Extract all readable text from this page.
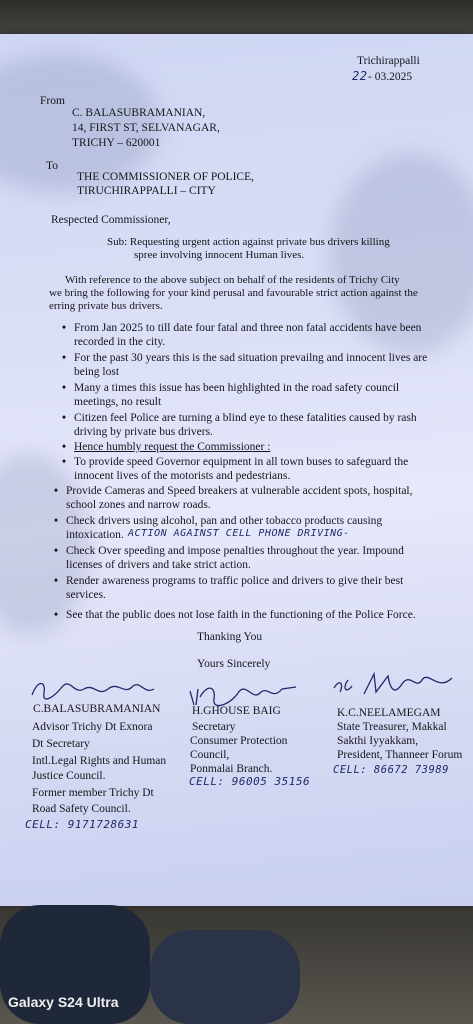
Trichirappalli
22 - 03.2025
From
C. BALASUBRAMANIAN,
14, FIRST ST, SELVANAGAR,
TRICHY – 620001
To
THE COMMISSIONER OF POLICE,
TIRUCHIRAPPALLI – CITY
Respected Commissioner,
Sub: Requesting urgent action against private bus drivers killing
spree involving innocent Human lives.
With reference to the above subject on behalf of the residents of Trichy City
we bring the following for your kind perusal and favourable strict action against the
erring private bus drivers.
• From Jan 2025 to till date four fatal and three non fatal accidents have been
recorded in the city.
• For the past 30 years this is the sad situation prevailng and innocent lives are
being lost
• Many a times this issue has been highlighted in the road safety council
meetings, no result
• Citizen feel Police are turning a blind eye to these fatalities caused by rash
driving by private bus drivers.
• Hence humbly request the Commissioner :
• To provide speed Governor equipment in all town buses to safeguard the
innocent lives of the motorists and pedestrians.
• Provide Cameras and Speed breakers at vulnerable accident spots, hospital,
school zones and narrow roads.
• Check drivers using alcohol, pan and other tobacco products causing
intoxication.
• Check Over speeding and impose penalties throughout the year. Impound
licenses of drivers and take strict action.
• Render awareness programs to traffic police and drivers to give their best
services.
• See that the public does not lose faith in the functioning of the Police Force.
ACTION AGAINST CELL PHONE DRIVING-
Thanking You
Yours Sincerely
C.BALASUBRAMANIAN
Advisor Trichy Dt Exnora
Dt Secretary
Intl.Legal Rights and Human
Justice Council.
Former member Trichy Dt
Road Safety Council.
CELL: 9171728631
H.GHOUSE BAIG
Secretary
Consumer Protection
Council,
Ponmalai Branch.
CELL: 96005 35156
K.C.NEELAMEGAM
State Treasurer, Makkal
Sakthi Iyyakkam,
President, Thanneer Forum
CELL: 86672 73989
Galaxy S24 Ultra
